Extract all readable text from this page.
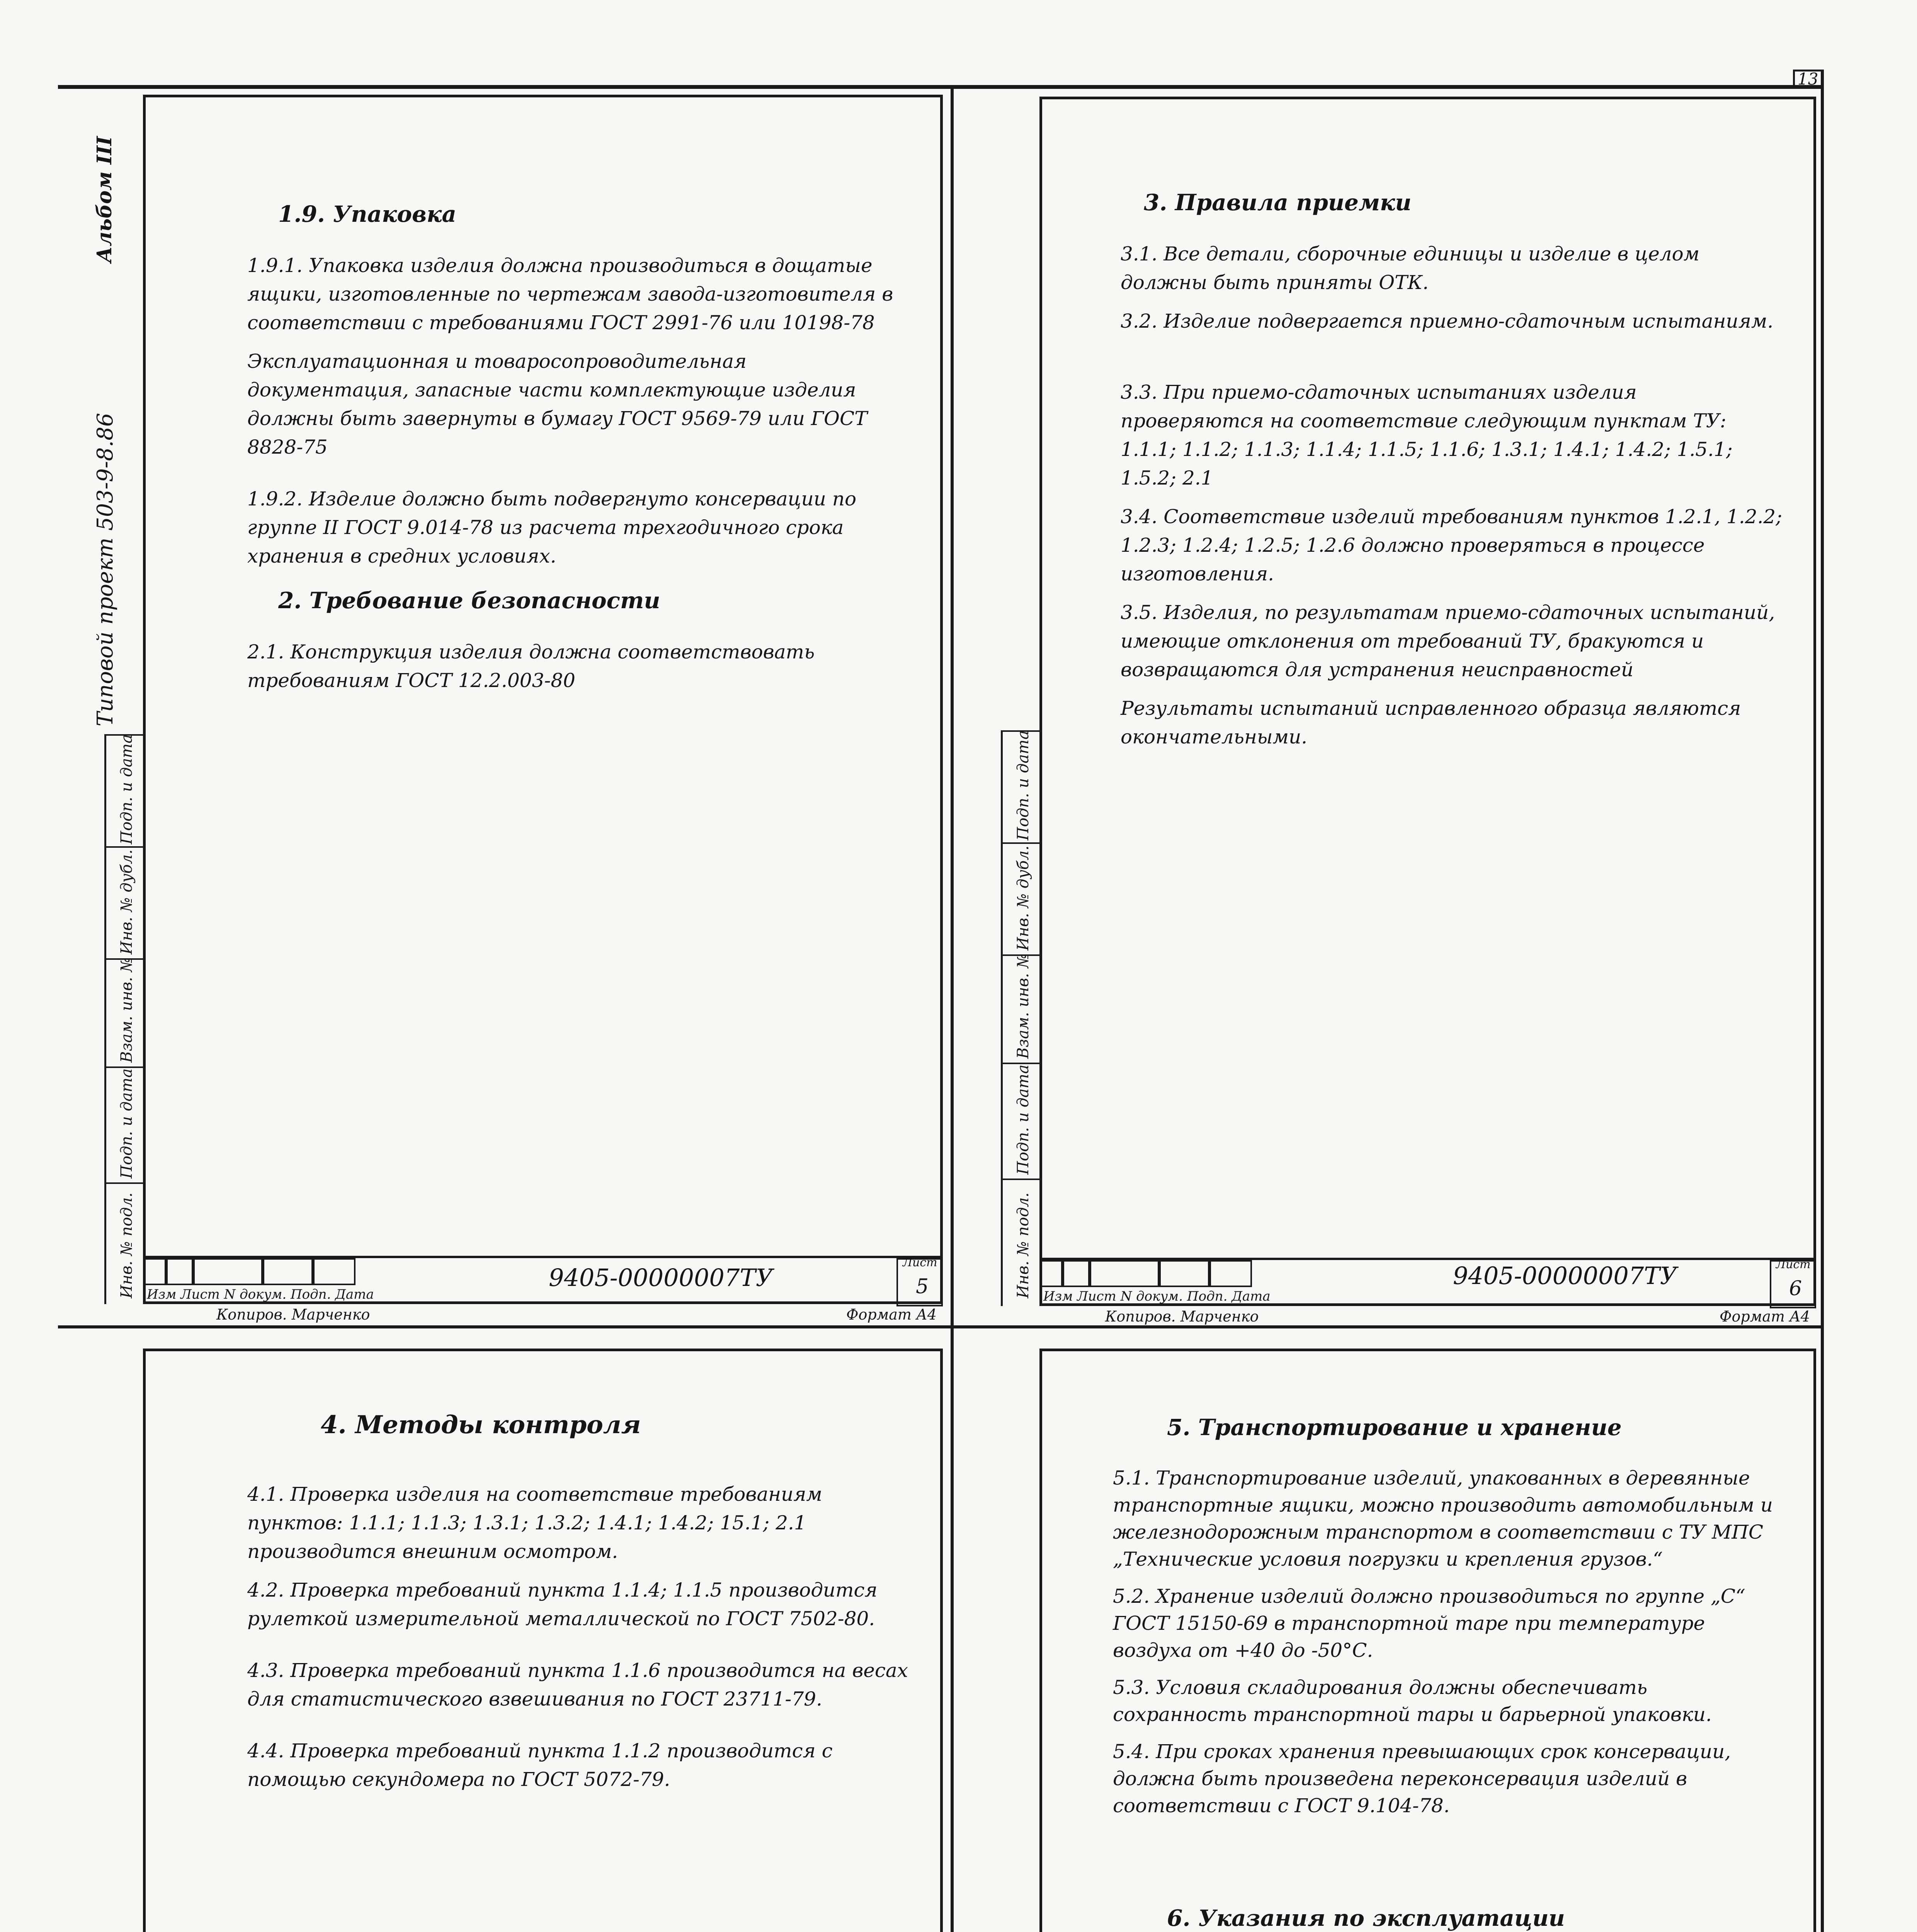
13
Альбом III
Типовой проект 503-9-8.86
Подп. и дата
Инв. № дубл.
Взам. инв. №
Подп. и дата
Инв. № подл.
1.9. Упаковка

1.9.1. Упаковка изделия должна производиться в дощатые ящики, изготовленные по чертежам завода-изготовителя в соответствии с требованиями ГОСТ 2991-76 или 10198-78

Эксплуатационная и товаросопроводительная документация, запасные части комплектующие изделия должны быть завернуты в бумагу ГОСТ 9569-79 или ГОСТ 8828-75

1.9.2. Изделие должно быть подвергнуто консервации по группе II ГОСТ 9.014-78 из расчета трехгодичного срока хранения в средних условиях.

2. Требование безопасности

2.1. Конструкция изделия должна соответствовать требованиям ГОСТ 12.2.003-80

9405-00000007ТУ
Лист
5
Изм Лист N докум. Подп. Дата
Копиров. Марченко	Формат А4
Подп. и дата
Инв. № дубл.
Взам. инв. №
Подп. и дата
Инв. № подл.
3. Правила приемки

3.1. Все детали, сборочные единицы и изделие в целом должны быть приняты ОТК.

3.2. Изделие подвергается приемно-сдаточным испытаниям.

3.3. При приемо-сдаточных испытаниях изделия проверяются на соответствие следующим пунктам ТУ: 1.1.1; 1.1.2; 1.1.3; 1.1.4; 1.1.5; 1.1.6; 1.3.1; 1.4.1; 1.4.2; 1.5.1; 1.5.2; 2.1

3.4. Соответствие изделий требованиям пунктов 1.2.1, 1.2.2; 1.2.3; 1.2.4; 1.2.5; 1.2.6 должно проверяться в процессе изготовления.

3.5. Изделия, по результатам приемо-сдаточных испытаний, имеющие отклонения от требований ТУ, бракуются и возвращаются для устранения неисправностей

Результаты испытаний исправленного образца являются окончательными.

9405-00000007ТУ	Лист
6
Изм Лист N докум. Подп. Дата
Копиров. Марченко	Формат А4
4. Методы контроля

4.1. Проверка изделия на соответствие требованиям пунктов: 1.1.1; 1.1.3; 1.3.1; 1.3.2; 1.4.1; 1.4.2; 15.1; 2.1 производится внешним осмотром.

4.2. Проверка требований пункта 1.1.4; 1.1.5 производится рулеткой измерительной металлической по ГОСТ 7502-80.

4.3. Проверка требований пункта 1.1.6 производится на весах для статистического взвешивания по ГОСТ 23711-79.

4.4. Проверка требований пункта 1.1.2 производится с помощью секундомера по ГОСТ 5072-79.

5. Транспортирование и хранение

5.1. Транспортирование изделий, упакованных в деревянные транспортные ящики, можно производить автомобильным и железнодорожным транспортом в соответствии с ТУ МПС „Технические условия погрузки и крепления грузов.“

5.2. Хранение изделий должно производиться по группе „С“ ГОСТ 15150-69 в транспортной таре при температуре воздуха от +40 до -50°С.

5.3. Условия складирования должны обеспечивать сохранность транспортной тары и барьерной упаковки.

5.4. При сроках хранения превышающих срок консервации, должна быть произведена переконсервация изделий в соответствии с ГОСТ 9.104-78.

6. Указания по эксплуатации
